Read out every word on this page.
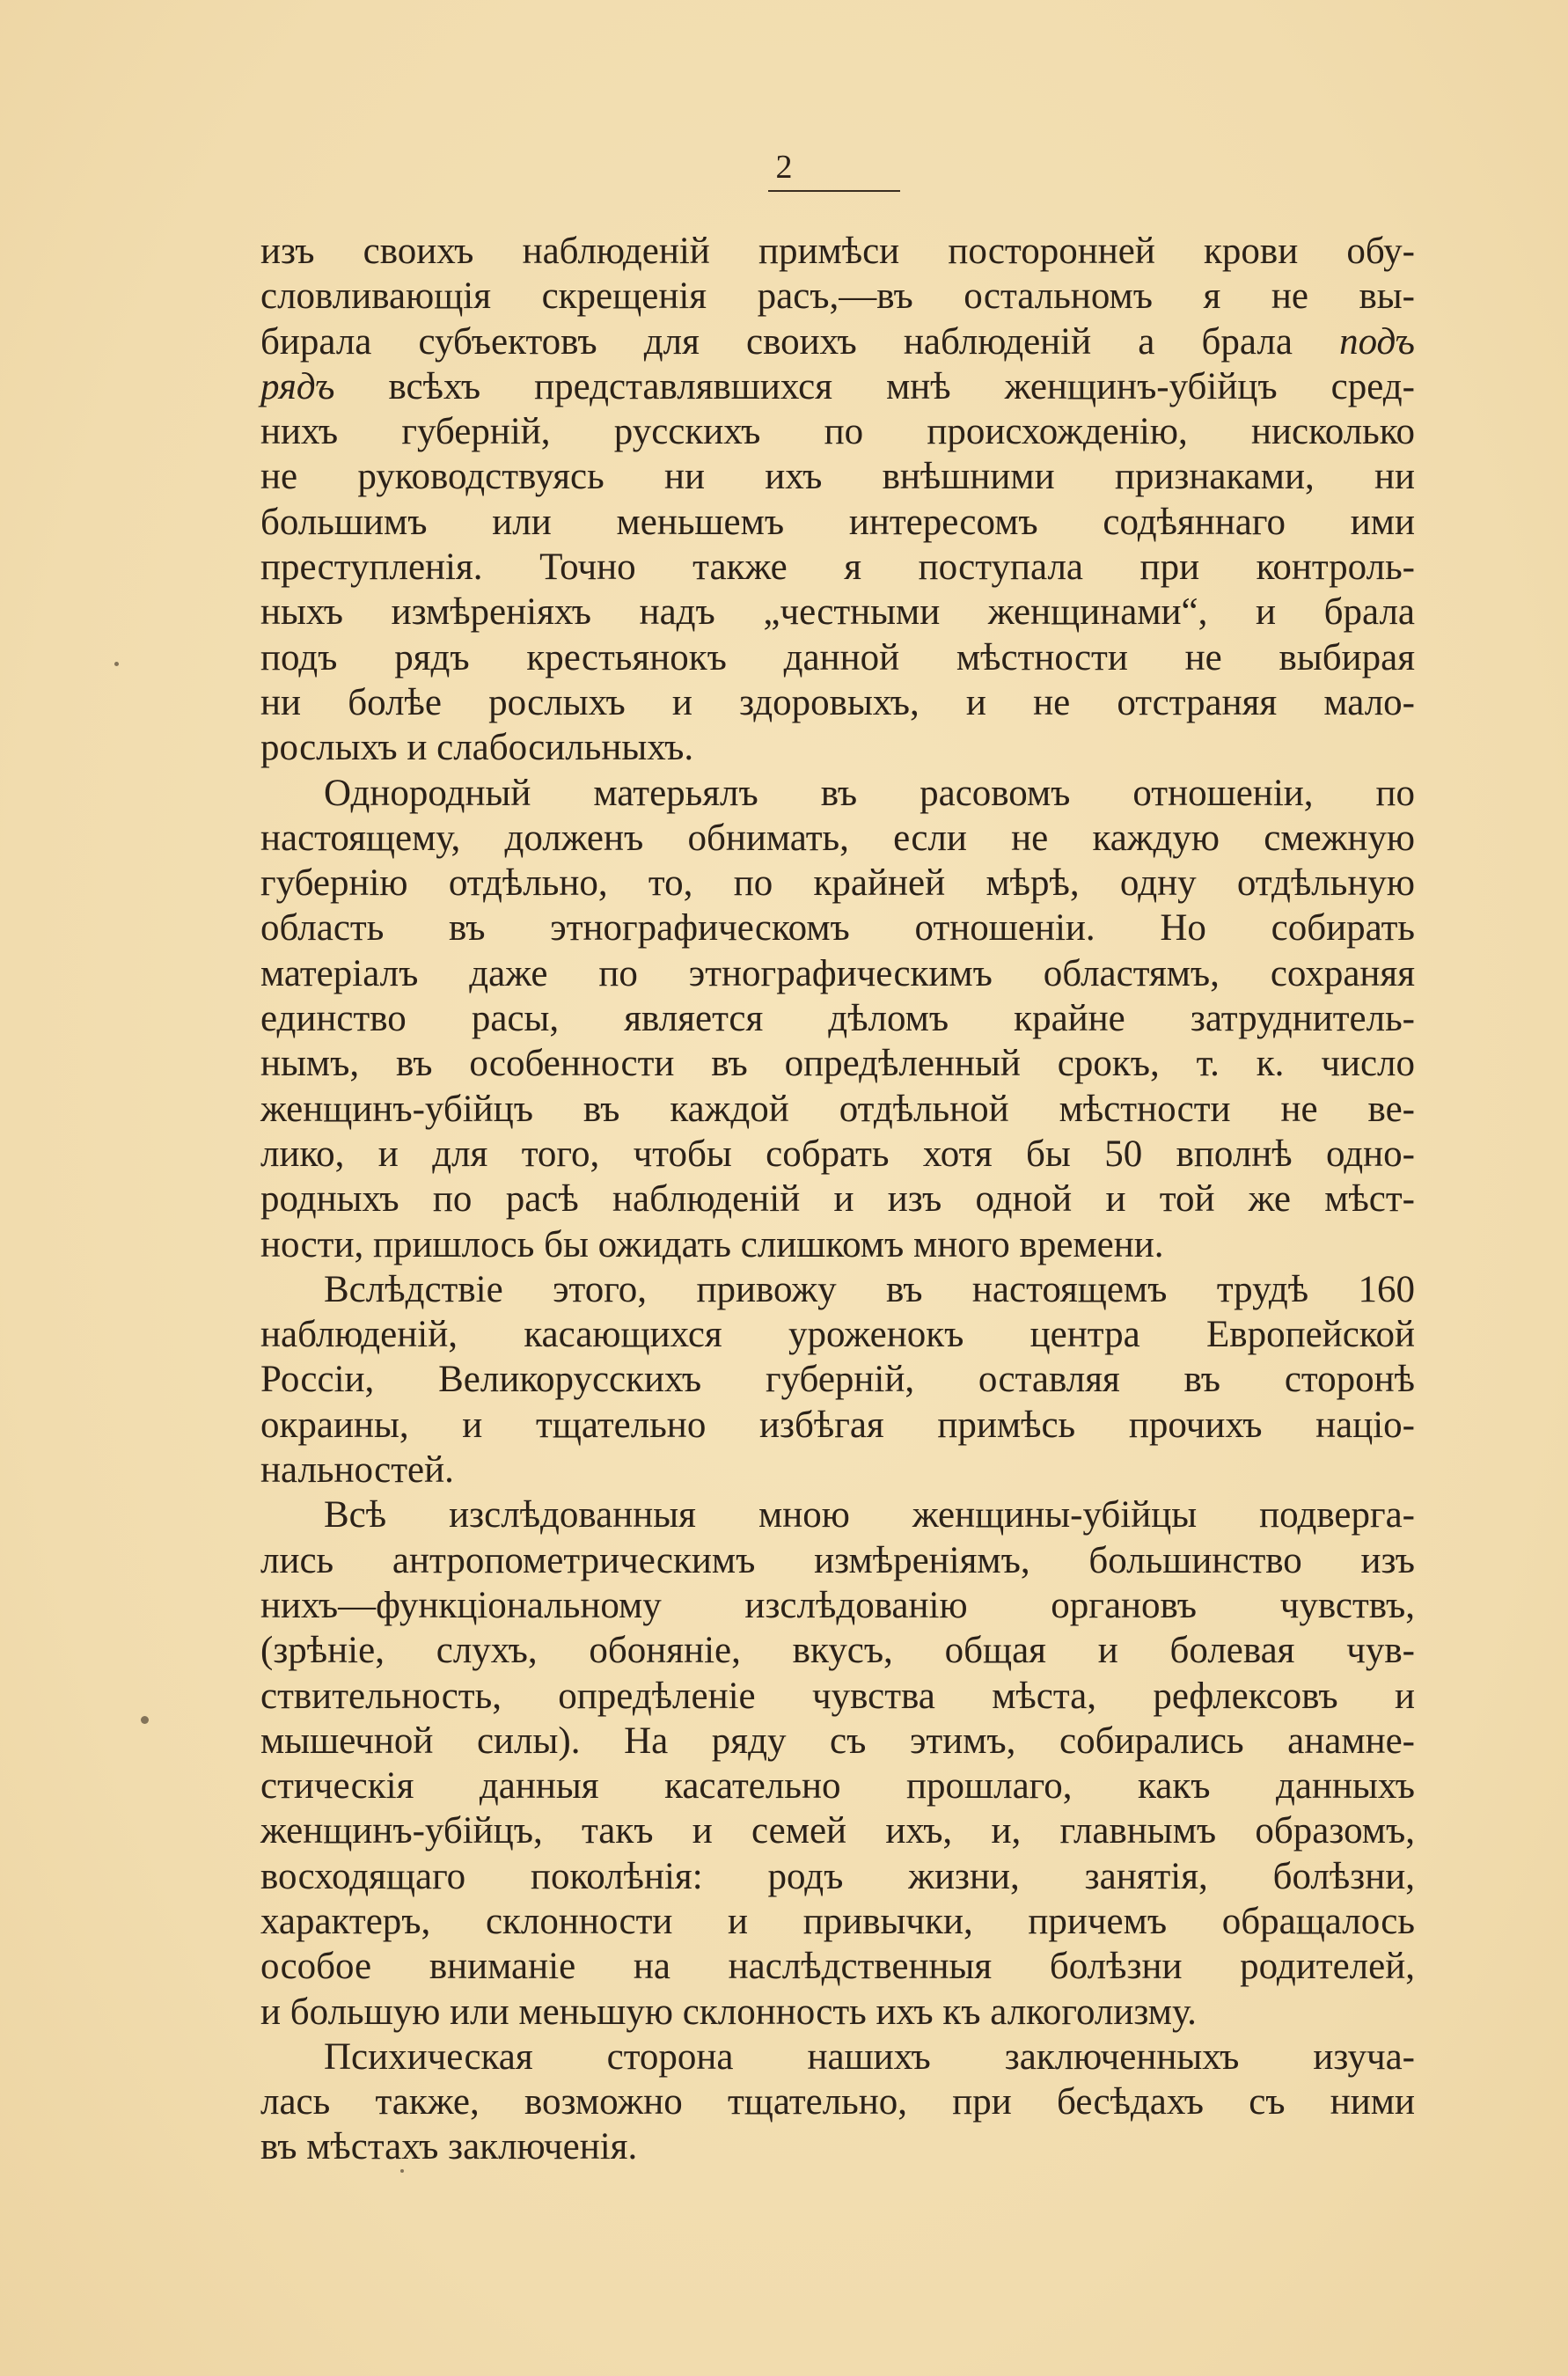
2
изъ своихъ наблюденiй примѣси посторонней крови обу-
словливающiя скрещенiя расъ,—въ остальномъ я не вы-
бирала субъектовъ для своихъ наблюденiй а брала подъ
рядъ всѣхъ представлявшихся мнѣ женщинъ-убiйцъ сред-
нихъ губернiй, русскихъ по происхожденiю, нисколько
не руководствуясь ни ихъ внѣшними признаками, ни
большимъ или меньшемъ интересомъ содѣяннаго ими
преступленiя. Точно также я поступала при контроль-
ныхъ измѣренiяхъ надъ „честными женщинами“, и брала
подъ рядъ крестьянокъ данной мѣстности не выбирая
ни болѣе рослыхъ и здоровыхъ, и не отстраняя мало-
рослыхъ и слабосильныхъ.
Однородный матерьялъ въ расовомъ отношенiи, по
настоящему, долженъ обнимать, если не каждую смежную
губернiю отдѣльно, то, по крайней мѣрѣ, одну отдѣльную
область въ этнографическомъ отношенiи. Но собирать
матерiалъ даже по этнографическимъ областямъ, сохраняя
единство расы, является дѣломъ крайне затруднитель-
нымъ, въ особенности въ опредѣленный срокъ, т. к. число
женщинъ-убiйцъ въ каждой отдѣльной мѣстности не ве-
лико, и для того, чтобы собрать хотя бы 50 вполнѣ одно-
родныхъ по расѣ наблюденiй и изъ одной и той же мѣст-
ности, пришлось бы ожидать слишкомъ много времени.
Вслѣдствiе этого, привожу въ настоящемъ трудѣ 160
наблюденiй, касающихся уроженокъ центра Европейской
Россiи, Великорусскихъ губернiй, оставляя въ сторонѣ
окраины, и тщательно избѣгая примѣсь прочихъ нацiо-
нальностей.
Всѣ изслѣдованныя мною женщины-убiйцы подверга-
лись антропометрическимъ измѣренiямъ, большинство изъ
нихъ—функцiональному изслѣдованiю органовъ чувствъ,
(зрѣнiе, слухъ, обонянiе, вкусъ, общая и болевая чув-
ствительность, опредѣленiе чувства мѣста, рефлексовъ и
мышечной силы). На ряду съ этимъ, собирались анамне-
стическiя данныя касательно прошлаго, какъ данныхъ
женщинъ-убiйцъ, такъ и семей ихъ, и, главнымъ образомъ,
восходящаго поколѣнiя: родъ жизни, занятiя, болѣзни,
характеръ, склонности и привычки, причемъ обращалось
особое вниманiе на наслѣдственныя болѣзни родителей,
и большую или меньшую склонность ихъ къ алкоголизму.
Психическая сторона нашихъ заключенныхъ изуча-
лась также, возможно тщательно, при бесѣдахъ съ ними
въ мѣстахъ заключенiя.
